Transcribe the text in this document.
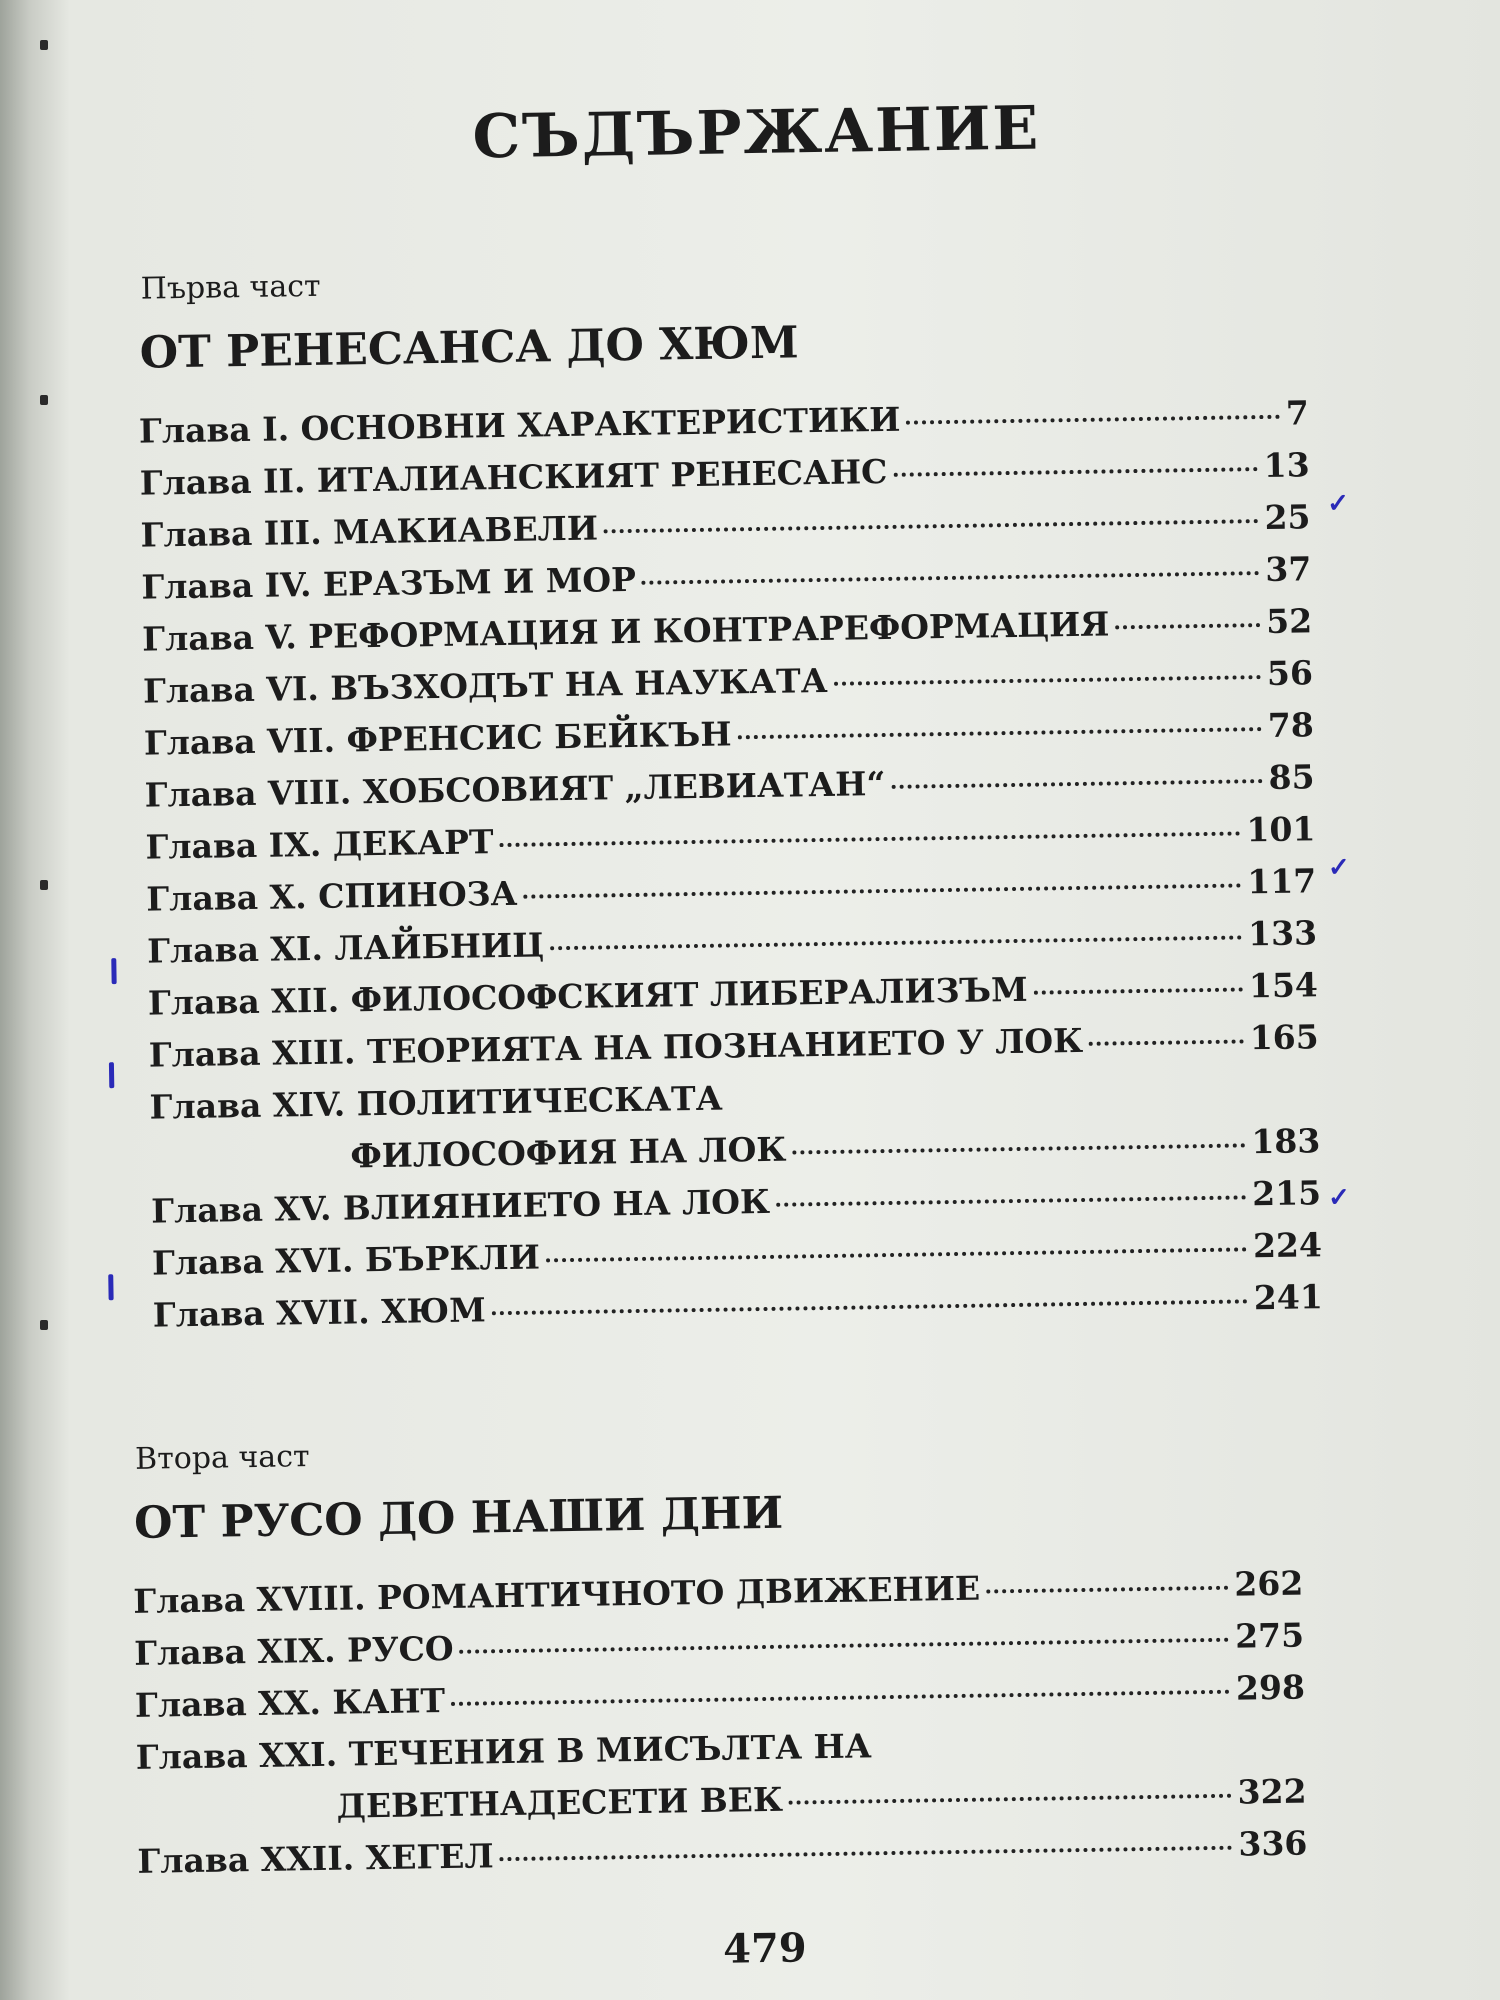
СЪДЪРЖАНИЕ
Първа част
ОТ РЕНЕСАНСА ДО ХЮМ
Глава I. ОСНОВНИ ХАРАКТЕРИСТИКИ	7
Глава II. ИТАЛИАНСКИЯТ РЕНЕСАНС	13
Глава III. МАКИАВЕЛИ	25
Глава IV. ЕРАЗЪМ И МОР	37
Глава V. РЕФОРМАЦИЯ И КОНТРАРЕФОРМАЦИЯ	52
Глава VI. ВЪЗХОДЪТ НА НАУКАТА	56
Глава VII. ФРЕНСИС БЕЙКЪН	78
Глава VIII. ХОБСОВИЯТ „ЛЕВИАТАН“	85
Глава IX. ДЕКАРТ	101
Глава X. СПИНОЗА	117
Глава XI. ЛАЙБНИЦ	133
Глава XII. ФИЛОСОФСКИЯТ ЛИБЕРАЛИЗЪМ	154
Глава XIII. ТЕОРИЯТА НА ПОЗНАНИЕТО У ЛОК	165
Глава XIV. ПОЛИТИЧЕСКАТА
ФИЛОСОФИЯ НА ЛОК	183
Глава XV. ВЛИЯНИЕТО НА ЛОК	215
Глава XVI. БЪРКЛИ	224
Глава XVII. ХЮМ	241
Втора част
ОТ РУСО ДО НАШИ ДНИ
Глава XVIII. РОМАНТИЧНОТО ДВИЖЕНИЕ	262
Глава XIX. РУСО	275
Глава XX. КАНТ	298
Глава XXI. ТЕЧЕНИЯ В МИСЪЛТА НА
ДЕВЕТНАДЕСЕТИ ВЕК	322
Глава XXII. ХЕГЕЛ	336
479
✓
✓
✓
